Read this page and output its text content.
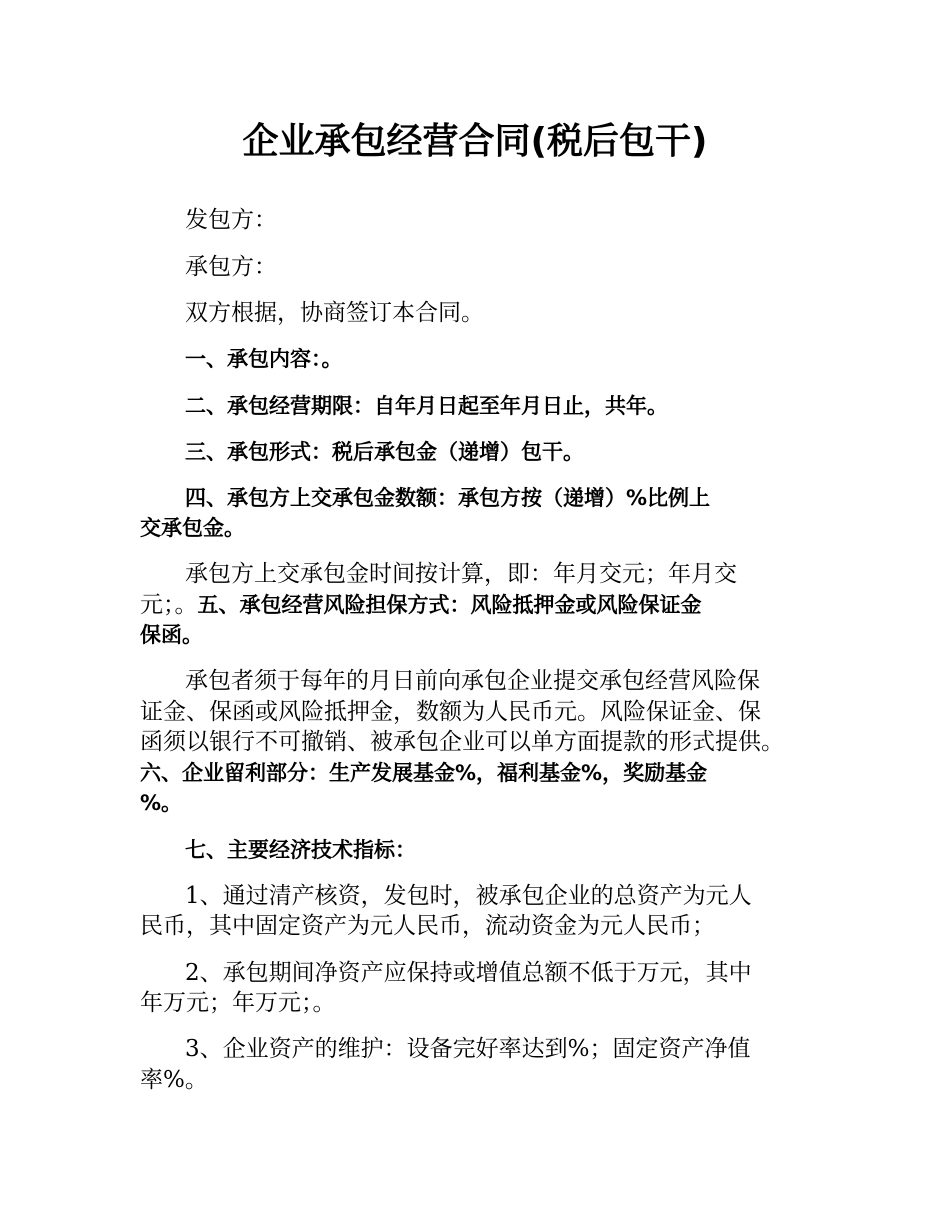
企业承包经营合同(税后包干)
发包方：
承包方：
双方根据，协商签订本合同。
一、承包内容：。
二、承包经营期限：自年月日起至年月日止，共年。
三、承包形式：税后承包金（递增）包干。
四、承包方上交承包金数额：承包方按（递增）%比例上
交承包金。
承包方上交承包金时间按计算，即：年月交元；年月交
元；。五、承包经营风险担保方式：风险抵押金或风险保证金
保函。
承包者须于每年的月日前向承包企业提交承包经营风险保
证金、保函或风险抵押金，数额为人民币元。风险保证金、保
函须以银行不可撤销、被承包企业可以单方面提款的形式提供。
六、企业留利部分：生产发展基金%，福利基金%，奖励基金
%。
七、主要经济技术指标：
1、通过清产核资，发包时，被承包企业的总资产为元人
民币，其中固定资产为元人民币，流动资金为元人民币；
2、承包期间净资产应保持或增值总额不低于万元，其中
年万元；年万元；。
3、企业资产的维护：设备完好率达到%；固定资产净值
率%。
